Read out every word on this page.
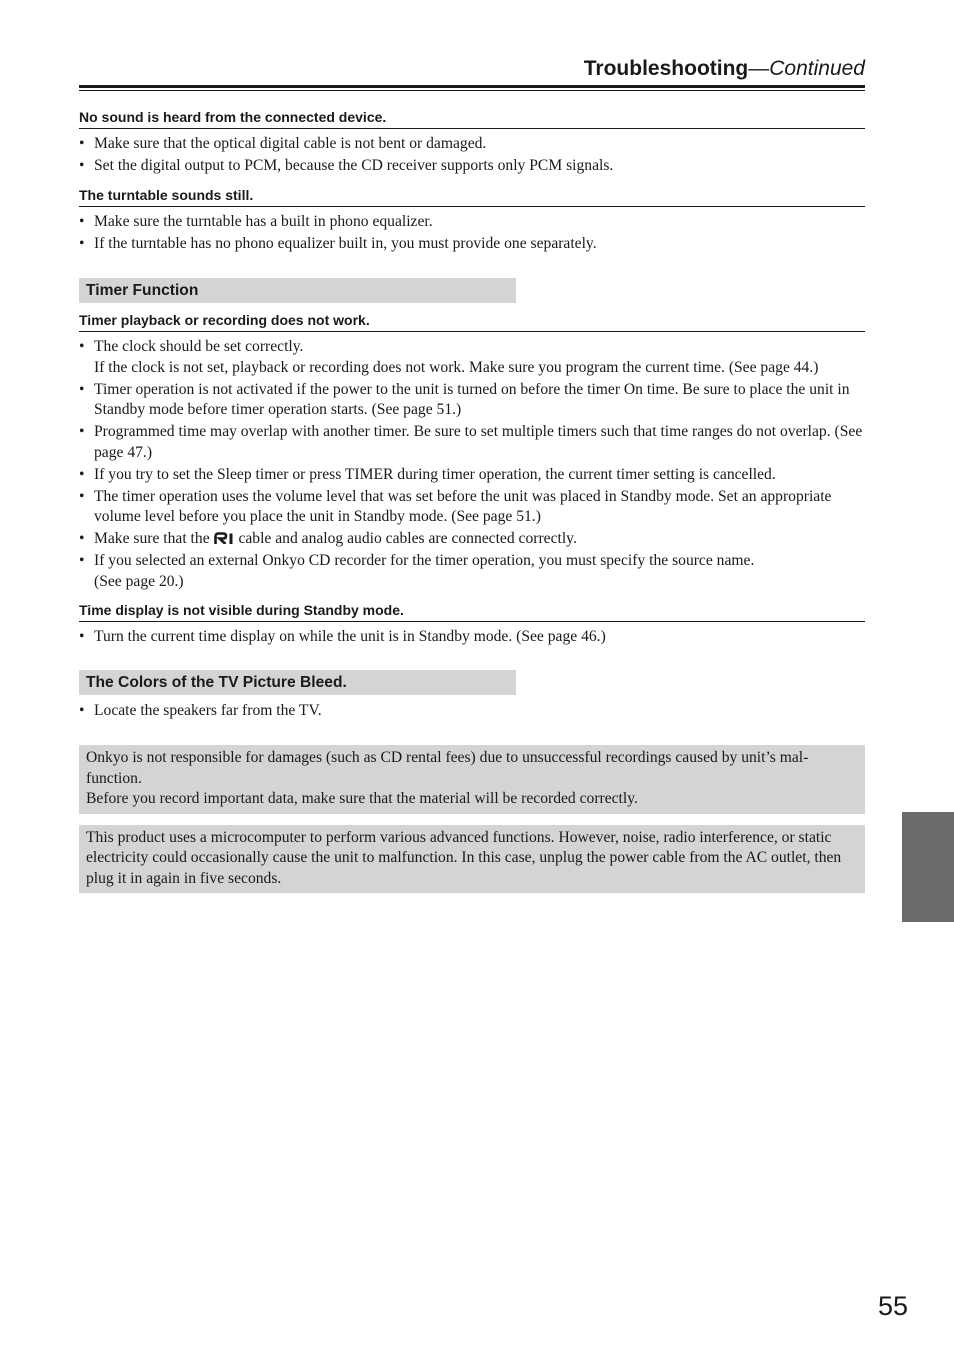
Troubleshooting—Continued
No sound is heard from the connected device.
• Make sure that the optical digital cable is not bent or damaged.
• Set the digital output to PCM, because the CD receiver supports only PCM signals.
The turntable sounds still.
• Make sure the turntable has a built in phono equalizer.
• If the turntable has no phono equalizer built in, you must provide one separately.
Timer Function
Timer playback or recording does not work.
• The clock should be set correctly.
If the clock is not set, playback or recording does not work. Make sure you program the current time. (See page 44.)
• Timer operation is not activated if the power to the unit is turned on before the timer On time. Be sure to place the unit in Standby mode before timer operation starts. (See page 51.)
• Programmed time may overlap with another timer. Be sure to set multiple timers such that time ranges do not overlap. (See page 47.)
• If you try to set the Sleep timer or press TIMER during timer operation, the current timer setting is cancelled.
• The timer operation uses the volume level that was set before the unit was placed in Standby mode. Set an appropriate volume level before you place the unit in Standby mode. (See page 51.)
• Make sure that the cable and analog audio cables are connected correctly.
• If you selected an external Onkyo CD recorder for the timer operation, you must specify the source name.
(See page 20.)
Time display is not visible during Standby mode.
• Turn the current time display on while the unit is in Standby mode. (See page 46.)
The Colors of the TV Picture Bleed.
• Locate the speakers far from the TV.

Onkyo is not responsible for damages (such as CD rental fees) due to unsuccessful recordings caused by unit’s mal-function.

Before you record important data, make sure that the material will be recorded correctly.

This product uses a microcomputer to perform various advanced functions. However, noise, radio interference, or static electricity could occasionally cause the unit to malfunction. In this case, unplug the power cable from the AC outlet, then plug it in again in five seconds.

55
